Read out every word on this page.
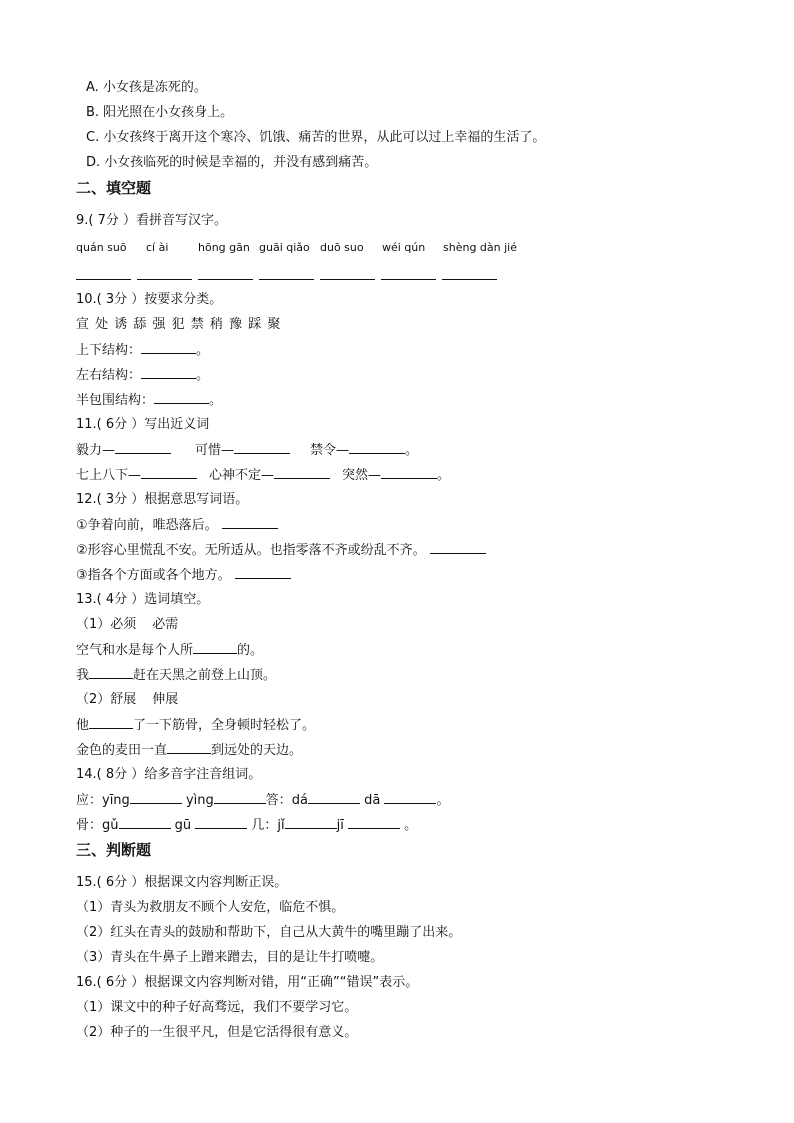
A. 小女孩是冻死的。
B. 阳光照在小女孩身上。
C. 小女孩终于离开这个寒冷、饥饿、痛苦的世界，从此可以过上幸福的生活了。
D. 小女孩临死的时候是幸福的，并没有感到痛苦。
二、填空题
9.( 7分 ）看拼音写汉字。
quán suō cí ài	hōng gān guāi qiǎo duō suo wéi qún shèng dàn jié
10.( 3分 ）按要求分类。
宣 处 诱 舔 强 犯 禁 稍 豫 踩 聚
上下结构：	。
左右结构：	。
半包围结构：	。
11.( 6分 ）写出近义词
毅力—	可惜—	禁令—	。
七上八下—	心神不定—	突然—	。
12.( 3分 ）根据意思写词语。
①争着向前，唯恐落后。
②形容心里慌乱不安。无所适从。也指零落不齐或纷乱不齐。
③指各个方面或各个地方。
13.( 4分 ）选词填空。
（1）必须 必需
空气和水是每个人所	的。
我	赶在天黑之前登上山顶。
（2）舒展 伸展
他	了一下筋骨，全身顿时轻松了。
金色的麦田一直	到远处的天边。
14.( 8分 ）给多音字注音组词。
应：yīng	yìng	答：dá	dā	。
骨：gǔ	gū	几：jǐ	jī	。
三、判断题
15.( 6分 ）根据课文内容判断正误。
（1）青头为救朋友不顾个人安危，临危不惧。
（2）红头在青头的鼓励和帮助下，自己从大黄牛的嘴里蹦了出来。
（3）青头在牛鼻子上蹭来蹭去，目的是让牛打喷嚏。
16.( 6分 ）根据课文内容判断对错，用“正确”“错误”表示。
（1）课文中的种子好高骛远，我们不要学习它。
（2）种子的一生很平凡，但是它活得很有意义。
